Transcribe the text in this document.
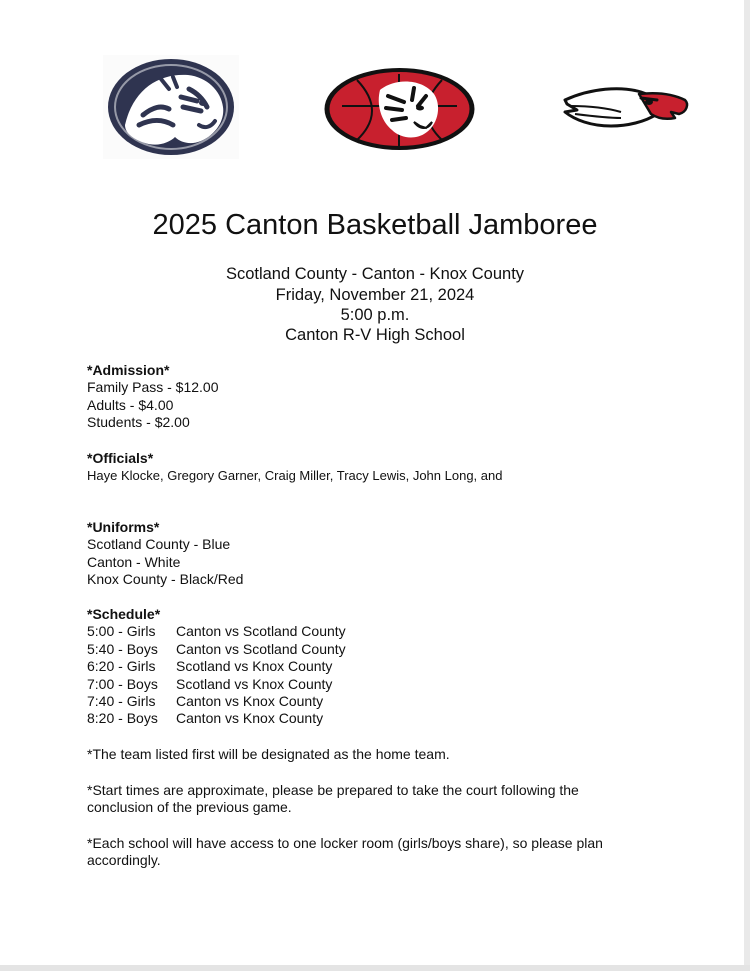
2025 Canton Basketball Jamboree
Scotland County - Canton - Knox County
Friday, November 21, 2024
5:00 p.m.
Canton R-V High School
*Admission*
Family Pass - $12.00
Adults - $4.00
Students - $2.00
*Officials*
Haye Klocke, Gregory Garner, Craig Miller, Tracy Lewis, John Long, and
*Uniforms*
Scotland County - Blue
Canton - White
Knox County - Black/Red
*Schedule*
5:00 - Girls Canton vs Scotland County
5:40 - Boys Canton vs Scotland County
6:20 - Girls Scotland vs Knox County
7:00 - Boys Scotland vs Knox County
7:40 - Girls Canton vs Knox County
8:20 - Boys Canton vs Knox County
*The team listed first will be designated as the home team.
*Start times are approximate, please be prepared to take the court following the
conclusion of the previous game.
*Each school will have access to one locker room (girls/boys share), so please plan
accordingly.
